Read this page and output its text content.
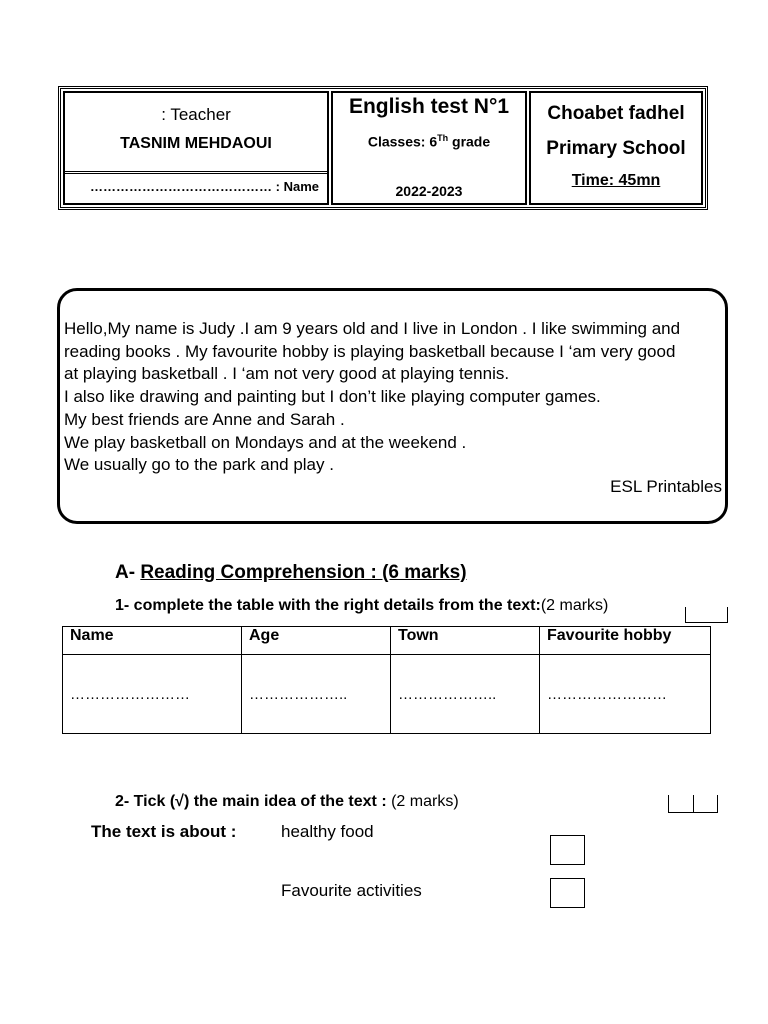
: Teacher
TASNIM MEHDAOUI
…………………………………… : Name
English test N°1
Classes: 6Th grade
2022-2023
Choabet fadhel
Primary School
Time: 45mn
Hello,My name is Judy .I am 9 years old and I live in London . I like swimming and
reading books . My favourite hobby is playing basketball because I ‘am very good
at playing basketball . I ‘am not very good at playing tennis.
I also like drawing and painting but I don’t like playing computer games.
My best friends are Anne and Sarah .
We play basketball on Mondays and at the weekend .
We usually go to the park and play .
ESL Printables
A- Reading Comprehension : (6 marks)
1- complete the table with the right details from the text:(2 marks)
Name	Age	Town	Favourite hobby
……………………	………………..	………………..	……………………
2- Tick (√) the main idea of the text : (2 marks)
The text is about :	healthy food
Favourite activities
